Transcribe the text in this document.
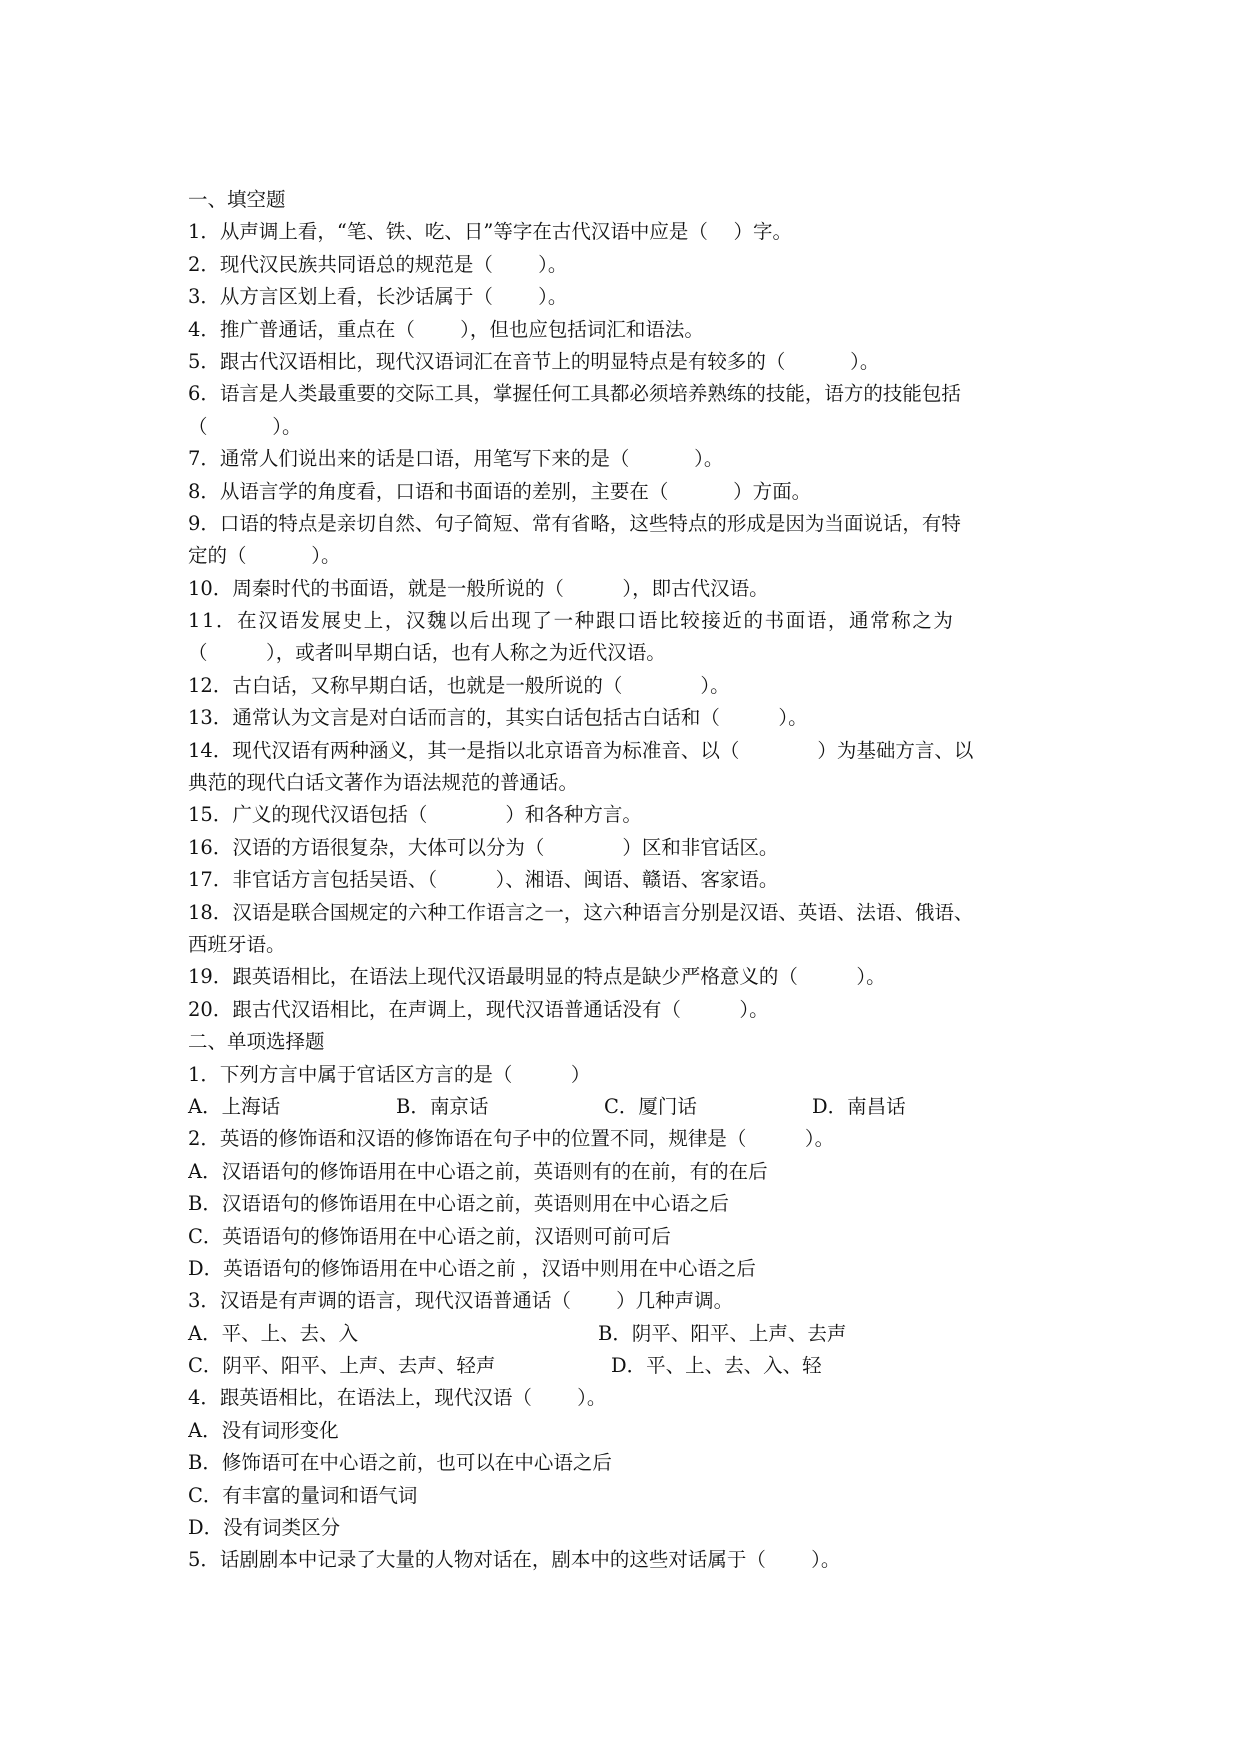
一、填空题
1．从声调上看，“笔、铁、吃、日”等字在古代汉语中应是（　 ）字。
2．现代汉民族共同语总的规范是（　　 ）。
3．从方言区划上看，长沙话属于（　　 ）。
4．推广普通话，重点在（　　 ），但也应包括词汇和语法。
5．跟古代汉语相比，现代汉语词汇在音节上的明显特点是有较多的（　　　 ）。
6．语言是人类最重要的交际工具，掌握任何工具都必须培养熟练的技能，语方的技能包括
（　　　 ）。
7．通常人们说出来的话是口语，用笔写下来的是（　　　 ）。
8．从语言学的角度看，口语和书面语的差别，主要在（　　　 ）方面。
9．口语的特点是亲切自然、句子简短、常有省略，这些特点的形成是因为当面说话，有特
定的（　　　 ）。
10．周秦时代的书面语，就是一般所说的（　　　），即古代汉语。
11．在汉语发展史上，汉魏以后出现了一种跟口语比较接近的书面语，通常称之为
（　　　），或者叫早期白话，也有人称之为近代汉语。
12．古白话，又称早期白话，也就是一般所说的（　　　　）。
13．通常认为文言是对白话而言的，其实白话包括古白话和（　　　）。
14．现代汉语有两种涵义，其一是指以北京语音为标准音、以（　　　　）为基础方言、以
典范的现代白话文著作为语法规范的普通话。
15．广义的现代汉语包括（　　　　）和各种方言。
16．汉语的方语很复杂，大体可以分为（　　　　）区和非官话区。
17．非官话方言包括吴语、（　　　）、湘语、闽语、赣语、客家语。
18．汉语是联合国规定的六种工作语言之一，这六种语言分别是汉语、英语、法语、俄语、
西班牙语。
19．跟英语相比，在语法上现代汉语最明显的特点是缺少严格意义的（　　　）。
20．跟古代汉语相比，在声调上，现代汉语普通话没有（　　　）。
二、单项选择题
1．下列方言中属于官话区方言的是（　　　）
A．上海话	B．南京话	C．厦门话	D．南昌话
2．英语的修饰语和汉语的修饰语在句子中的位置不同，规律是（　　　）。
A．汉语语句的修饰语用在中心语之前，英语则有的在前，有的在后
B．汉语语句的修饰语用在中心语之前，英语则用在中心语之后
C．英语语句的修饰语用在中心语之前，汉语则可前可后
D．英语语句的修饰语用在中心语之前 ，汉语中则用在中心语之后
3．汉语是有声调的语言，现代汉语普通话（　　 ）几种声调。
A．平、上、去、入	B．阴平、阳平、上声、去声
C．阴平、阳平、上声、去声、轻声	D．平、上、去、入、轻
4．跟英语相比，在语法上，现代汉语（　　 ）。
A．没有词形变化
B．修饰语可在中心语之前，也可以在中心语之后
C．有丰富的量词和语气词
D．没有词类区分
5．话剧剧本中记录了大量的人物对话在，剧本中的这些对话属于（　　 ）。
